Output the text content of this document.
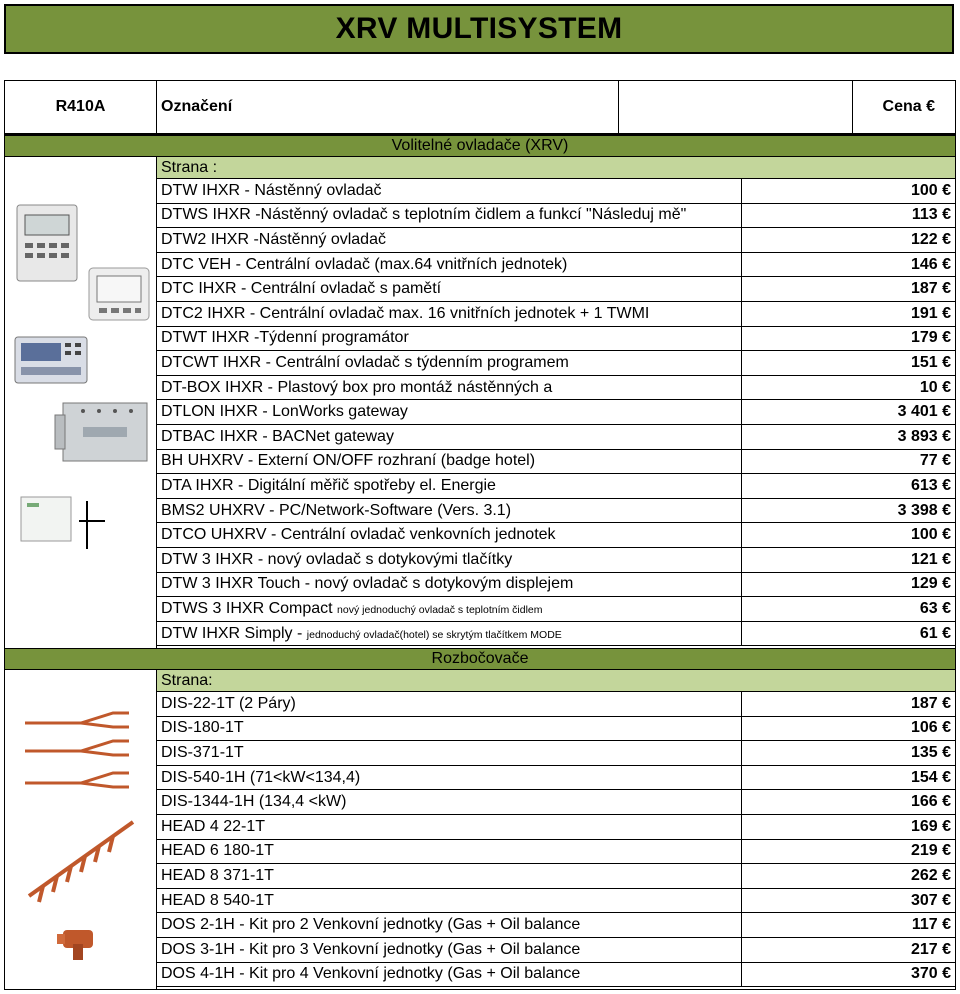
XRV MULTISYSTEM
R410A	Označení	Cena €
Volitelné ovladače (XRV)
Strana :
DTW IHXR - Nástěnný ovladač	100 €
DTWS IHXR -Nástěnný ovladač s teplotním čidlem a funkcí "Následuj mě"	113 €
DTW2 IHXR -Nástěnný ovladač	122 €
DTC VEH - Centrální ovladač (max.64 vnitřních jednotek)	146 €
DTC IHXR - Centrální ovladač s pamětí	187 €
DTC2 IHXR - Centrální ovladač max. 16 vnitřních jednotek + 1 TWMI	191 €
DTWT IHXR -Týdenní programátor	179 €
DTCWT IHXR - Centrální ovladač s týdenním programem	151 €
DT-BOX IHXR - Plastový box pro montáž nástěnných a	10 €
DTLON IHXR - LonWorks gateway	3 401 €
DTBAC IHXR - BACNet gateway	3 893 €
BH UHXRV - Externí ON/OFF rozhraní (badge hotel)	77 €
DTA IHXR - Digitální měřič spotřeby el. Energie	613 €
BMS2 UHXRV - PC/Network-Software (Vers. 3.1)	3 398 €
DTCO UHXRV - Centrální ovladač venkovních jednotek	100 €
DTW 3 IHXR - nový ovladač s dotykovými tlačítky	121 €
DTW 3 IHXR Touch - nový ovladač s dotykovým displejem	129 €
DTWS 3 IHXR Compact nový jednoduchý ovladač s teplotním čidlem	63 €
DTW IHXR Simply - jednoduchý ovladač(hotel) se skrytým tlačítkem MODE	61 €
Rozbočovače
Strana:
DIS-22-1T (2 Páry)	187 €
DIS-180-1T	106 €
DIS-371-1T	135 €
DIS-540-1H (71<kW<134,4)	154 €
DIS-1344-1H (134,4 <kW)	166 €
HEAD 4 22-1T	169 €
HEAD 6 180-1T	219 €
HEAD 8 371-1T	262 €
HEAD 8 540-1T	307 €
DOS 2-1H - Kit pro 2 Venkovní jednotky (Gas + Oil balance	117 €
DOS 3-1H - Kit pro 3 Venkovní jednotky (Gas + Oil balance	217 €
DOS 4-1H - Kit pro 4 Venkovní jednotky (Gas + Oil balance	370 €
